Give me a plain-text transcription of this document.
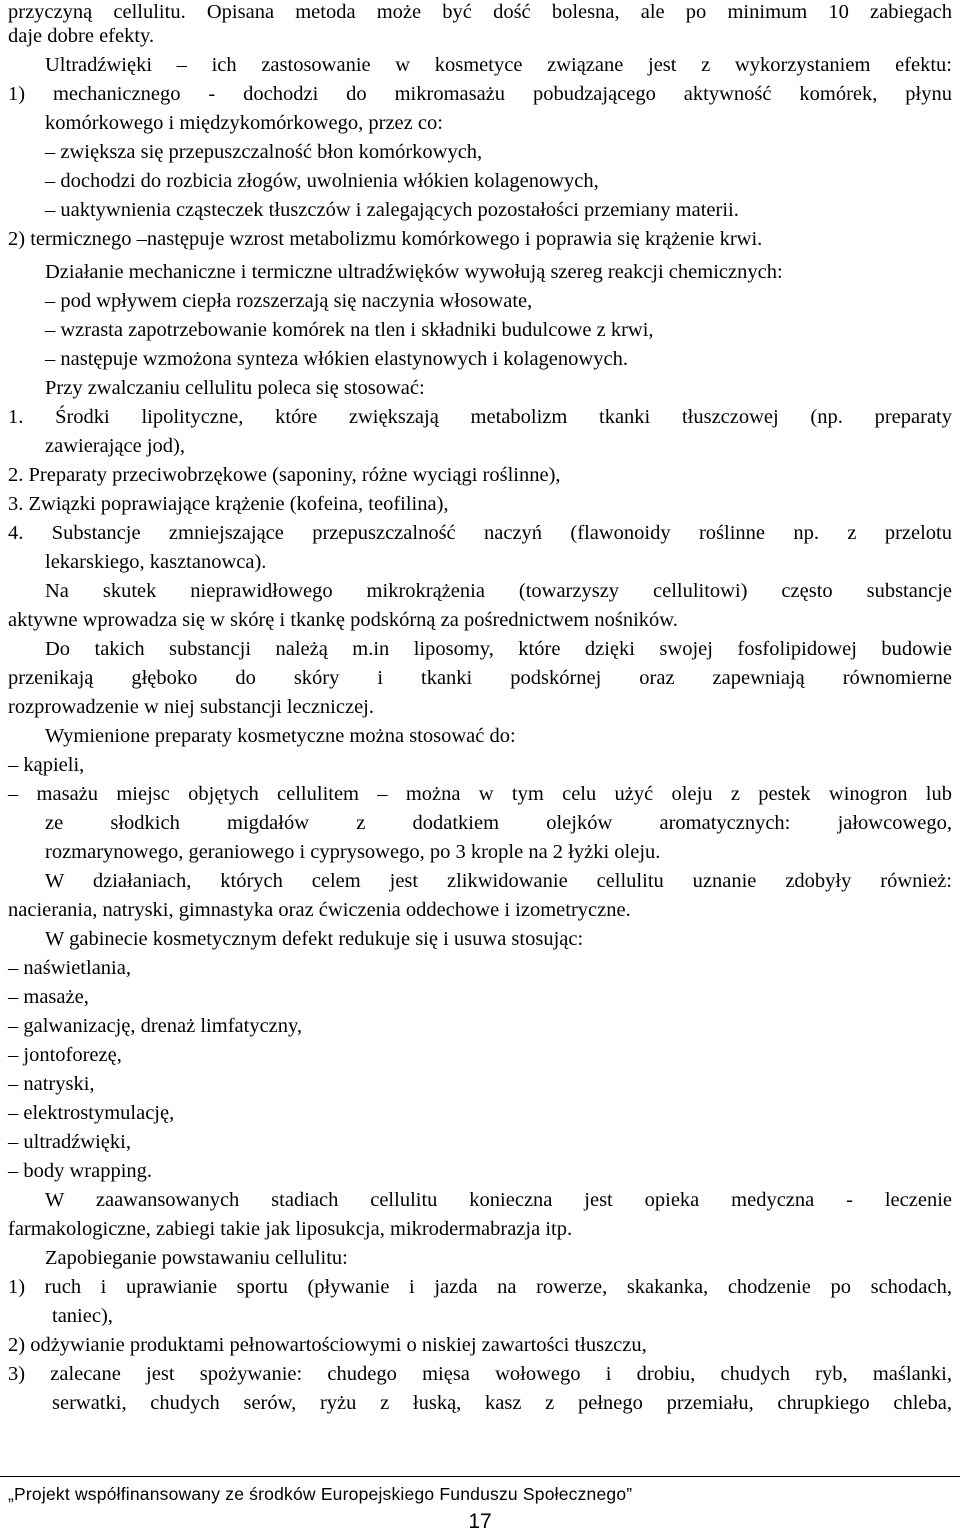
przyczyną cellulitu. Opisana metoda może być dość bolesna, ale po minimum 10 zabiegach
daje dobre efekty.
Ultradźwięki – ich zastosowanie w kosmetyce związane jest z wykorzystaniem efektu:
1) mechanicznego - dochodzi do mikromasażu pobudzającego aktywność komórek, płynu
komórkowego i międzykomórkowego, przez co:
– zwiększa się przepuszczalność błon komórkowych,
– dochodzi do rozbicia złogów, uwolnienia włókien kolagenowych,
– uaktywnienia cząsteczek tłuszczów i zalegających pozostałości przemiany materii.
2) termicznego –następuje wzrost metabolizmu komórkowego i poprawia się krążenie krwi.
Działanie mechaniczne i termiczne ultradźwięków wywołują szereg reakcji chemicznych:
– pod wpływem ciepła rozszerzają się naczynia włosowate,
– wzrasta zapotrzebowanie komórek na tlen i składniki budulcowe z krwi,
– następuje wzmożona synteza włókien elastynowych i kolagenowych.
Przy zwalczaniu cellulitu poleca się stosować:
1. Środki lipolityczne, które zwiększają metabolizm tkanki tłuszczowej (np. preparaty
zawierające jod),
2. Preparaty przeciwobrzękowe (saponiny, różne wyciągi roślinne),
3. Związki poprawiające krążenie (kofeina, teofilina),
4. Substancje zmniejszające przepuszczalność naczyń (flawonoidy roślinne np. z przelotu
lekarskiego, kasztanowca).
Na skutek nieprawidłowego mikrokrążenia (towarzyszy cellulitowi) często substancje
aktywne wprowadza się w skórę i tkankę podskórną za pośrednictwem nośników.
Do takich substancji należą m.in liposomy, które dzięki swojej fosfolipidowej budowie
przenikają głęboko do skóry i tkanki podskórnej oraz zapewniają równomierne
rozprowadzenie w niej substancji leczniczej.
Wymienione preparaty kosmetyczne można stosować do:
– kąpieli,
– masażu miejsc objętych cellulitem – można w tym celu użyć oleju z pestek winogron lub
ze słodkich migdałów z dodatkiem olejków aromatycznych: jałowcowego,
rozmarynowego, geraniowego i cyprysowego, po 3 krople na 2 łyżki oleju.
W działaniach, których celem jest zlikwidowanie cellulitu uznanie zdobyły również:
nacierania, natryski, gimnastyka oraz ćwiczenia oddechowe i izometryczne.
W gabinecie kosmetycznym defekt redukuje się i usuwa stosując:
– naświetlania,
– masaże,
– galwanizację, drenaż limfatyczny,
– jontoforezę,
– natryski,
– elektrostymulację,
– ultradźwięki,
– body wrapping.
W zaawansowanych stadiach cellulitu konieczna jest opieka medyczna - leczenie
farmakologiczne, zabiegi takie jak liposukcja, mikrodermabrazja itp.
Zapobieganie powstawaniu cellulitu:
1) ruch i uprawianie sportu (pływanie i jazda na rowerze, skakanka, chodzenie po schodach,
taniec),
2) odżywianie produktami pełnowartościowymi o niskiej zawartości tłuszczu,
3) zalecane jest spożywanie: chudego mięsa wołowego i drobiu, chudych ryb, maślanki,
serwatki, chudych serów, ryżu z łuską, kasz z pełnego przemiału, chrupkiego chleba,
„Projekt współfinansowany ze środków Europejskiego Funduszu Społecznego”
17
